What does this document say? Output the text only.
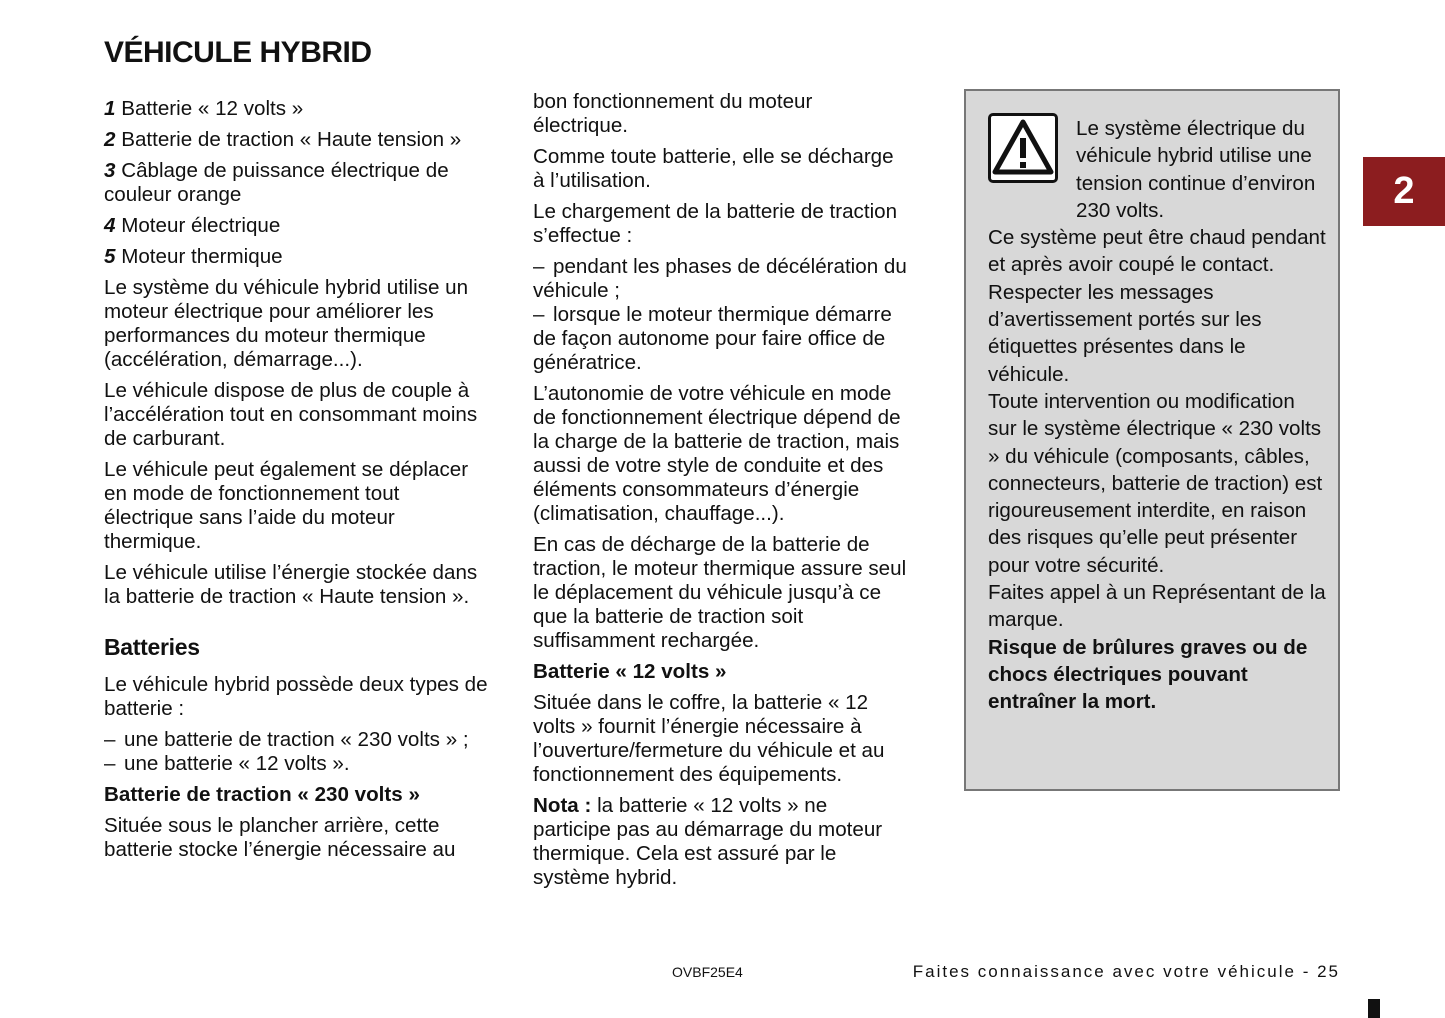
VÉHICULE HYBRID

1 Batterie « 12 volts »

2 Batterie de traction « Haute tension »

3 Câblage de puissance électrique de couleur orange

4 Moteur électrique

5 Moteur thermique

Le système du véhicule hybrid utilise un moteur électrique pour améliorer les performances du moteur thermique (accélération, démarrage...).

Le véhicule dispose de plus de couple à l’accélération tout en consommant moins de carburant.

Le véhicule peut également se déplacer en mode de fonctionnement tout électrique sans l’aide du moteur thermique.

Le véhicule utilise l’énergie stockée dans la batterie de traction « Haute tension ».

Batteries

Le véhicule hybrid possède deux types de batterie :

– une batterie de traction « 230 volts » ;

– une batterie « 12 volts ».

Batterie de traction « 230 volts »

Située sous le plancher arrière, cette batterie stocke l’énergie nécessaire au

bon fonctionnement du moteur électrique.

Comme toute batterie, elle se décharge à l’utilisation.

Le chargement de la batterie de traction s’effectue :

– pendant les phases de décélération du véhicule ;

– lorsque le moteur thermique démarre de façon autonome pour faire office de génératrice.

L’autonomie de votre véhicule en mode de fonctionnement électrique dépend de la charge de la batterie de traction, mais aussi de votre style de conduite et des éléments consommateurs d’énergie (climatisation, chauffage...).

En cas de décharge de la batterie de traction, le moteur thermique assure seul le déplacement du véhicule jusqu’à ce que la batterie de traction soit suffisamment rechargée.

Batterie « 12 volts »

Située dans le coffre, la batterie « 12 volts » fournit l’énergie nécessaire à l’ouverture/fermeture du véhicule et au fonctionnement des équipements.

Nota : la batterie « 12 volts » ne participe pas au démarrage du moteur thermique. Cela est assuré par le système hybrid.

Le système électrique du véhicule hybrid utilise une tension continue d’environ 230 volts.

Ce système peut être chaud pendant et après avoir coupé le contact.

Respecter les messages d’avertissement portés sur les étiquettes présentes dans le véhicule.

Toute intervention ou modification sur le système électrique « 230 volts » du véhicule (composants, câbles, connecteurs, batterie de traction) est rigoureusement interdite, en raison des risques qu’elle peut présenter pour votre sécurité.

Faites appel à un Représentant de la marque.

Risque de brûlures graves ou de chocs électriques pouvant entraîner la mort.

2
OVBF25E4	Faites connaissance avec votre véhicule - 25
